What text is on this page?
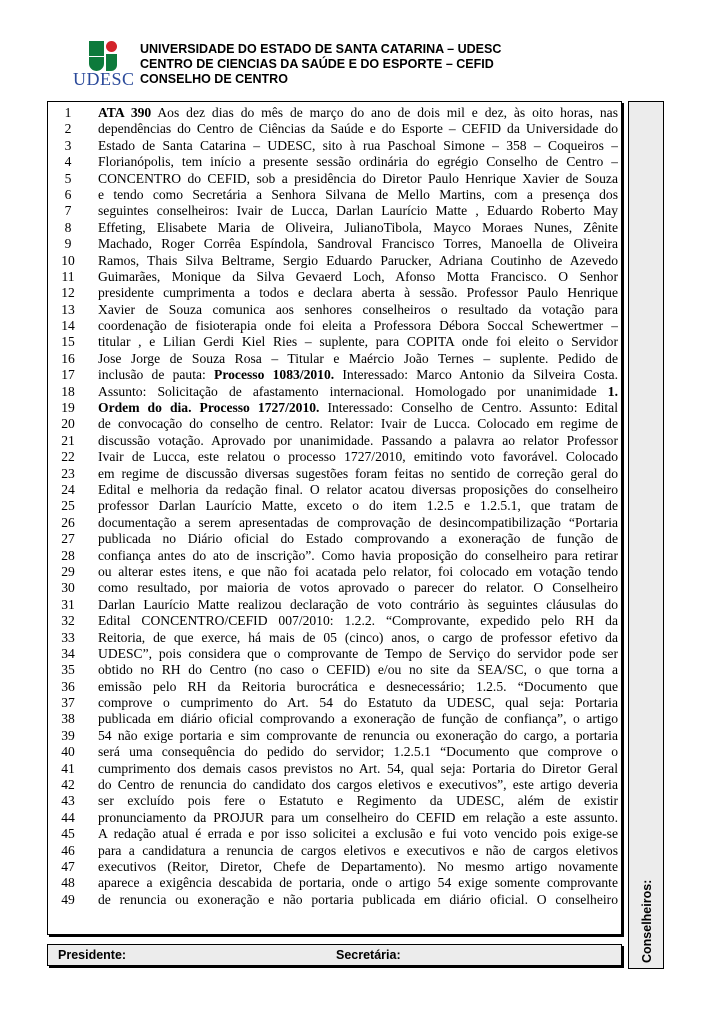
UDESC
UNIVERSIDADE DO ESTADO DE SANTA CATARINA – UDESC
CENTRO DE CIENCIAS DA SAÚDE E DO ESPORTE – CEFID
CONSELHO DE CENTRO
1
2
3
4
5
6
7
8
9
10
11
12
13
14
15
16
17
18
19
20
21
22
23
24
25
26
27
28
29
30
31
32
33
34
35
36
37
38
39
40
41
42
43
44
45
46
47
48
49
ATA 390 Aos dez dias do mês de março do ano de dois mil e dez, às oito horas, nas
dependências do Centro de Ciências da Saúde e do Esporte – CEFID da Universidade do
Estado de Santa Catarina – UDESC, sito à rua Paschoal Simone – 358 – Coqueiros –
Florianópolis, tem início a presente sessão ordinária do egrégio Conselho de Centro –
CONCENTRO do CEFID, sob a presidência do Diretor Paulo Henrique Xavier de Souza
e tendo como Secretária a Senhora Silvana de Mello Martins, com a presença dos
seguintes conselheiros: Ivair de Lucca, Darlan Laurício Matte , Eduardo Roberto May
Effeting, Elisabete Maria de Oliveira, JulianoTibola, Mayco Moraes Nunes, Zênite
Machado, Roger Corrêa Espíndola, Sandroval Francisco Torres, Manoella de Oliveira
Ramos, Thais Silva Beltrame, Sergio Eduardo Parucker, Adriana Coutinho de Azevedo
Guimarães, Monique da Silva Gevaerd Loch, Afonso Motta Francisco. O Senhor
presidente cumprimenta a todos e declara aberta à sessão. Professor Paulo Henrique
Xavier de Souza comunica aos senhores conselheiros o resultado da votação para
coordenação de fisioterapia onde foi eleita a Professora Débora Soccal Schewertmer –
titular , e Lilian Gerdi Kiel Ries – suplente, para COPITA onde foi eleito o Servidor
Jose Jorge de Souza Rosa – Titular e Maércio João Ternes – suplente. Pedido de
inclusão de pauta: Processo 1083/2010. Interessado: Marco Antonio da Silveira Costa.
Assunto: Solicitação de afastamento internacional. Homologado por unanimidade 1.
Ordem do dia. Processo 1727/2010. Interessado: Conselho de Centro. Assunto: Edital
de convocação do conselho de centro. Relator: Ivair de Lucca. Colocado em regime de
discussão votação. Aprovado por unanimidade. Passando a palavra ao relator Professor
Ivair de Lucca, este relatou o processo 1727/2010, emitindo voto favorável. Colocado
em regime de discussão diversas sugestões foram feitas no sentido de correção geral do
Edital e melhoria da redação final. O relator acatou diversas proposições do conselheiro
professor Darlan Laurício Matte, exceto o do item 1.2.5 e 1.2.5.1, que tratam de
documentação a serem apresentadas de comprovação de desincompatibilização “Portaria
publicada no Diário oficial do Estado comprovando a exoneração de função de
confiança antes do ato de inscrição”. Como havia proposição do conselheiro para retirar
ou alterar estes itens, e que não foi acatada pelo relator, foi colocado em votação tendo
como resultado, por maioria de votos aprovado o parecer do relator. O Conselheiro
Darlan Laurício Matte realizou declaração de voto contrário às seguintes cláusulas do
Edital CONCENTRO/CEFID 007/2010: 1.2.2. “Comprovante, expedido pelo RH da
Reitoria, de que exerce, há mais de 05 (cinco) anos, o cargo de professor efetivo da
UDESC”, pois considera que o comprovante de Tempo de Serviço do servidor pode ser
obtido no RH do Centro (no caso o CEFID) e/ou no site da SEA/SC, o que torna a
emissão pelo RH da Reitoria burocrática e desnecessário; 1.2.5. “Documento que
comprove o cumprimento do Art. 54 do Estatuto da UDESC, qual seja: Portaria
publicada em diário oficial comprovando a exoneração de função de confiança”, o artigo
54 não exige portaria e sim comprovante de renuncia ou exoneração do cargo, a portaria
será uma consequência do pedido do servidor; 1.2.5.1 “Documento que comprove o
cumprimento dos demais casos previstos no Art. 54, qual seja: Portaria do Diretor Geral
do Centro de renuncia do candidato dos cargos eletivos e executivos”, este artigo deveria
ser excluído pois fere o Estatuto e Regimento da UDESC, além de existir
pronunciamento da PROJUR para um conselheiro do CEFID em relação a este assunto.
A redação atual é errada e por isso solicitei a exclusão e fui voto vencido pois exige-se
para a candidatura a renuncia de cargos eletivos e executivos e não de cargos eletivos
executivos (Reitor, Diretor, Chefe de Departamento). No mesmo artigo novamente
aparece a exigência descabida de portaria, onde o artigo 54 exige somente comprovante
de renuncia ou exoneração e não portaria publicada em diário oficial. O conselheiro Conselheiros:
Presidente:	Secretária:
